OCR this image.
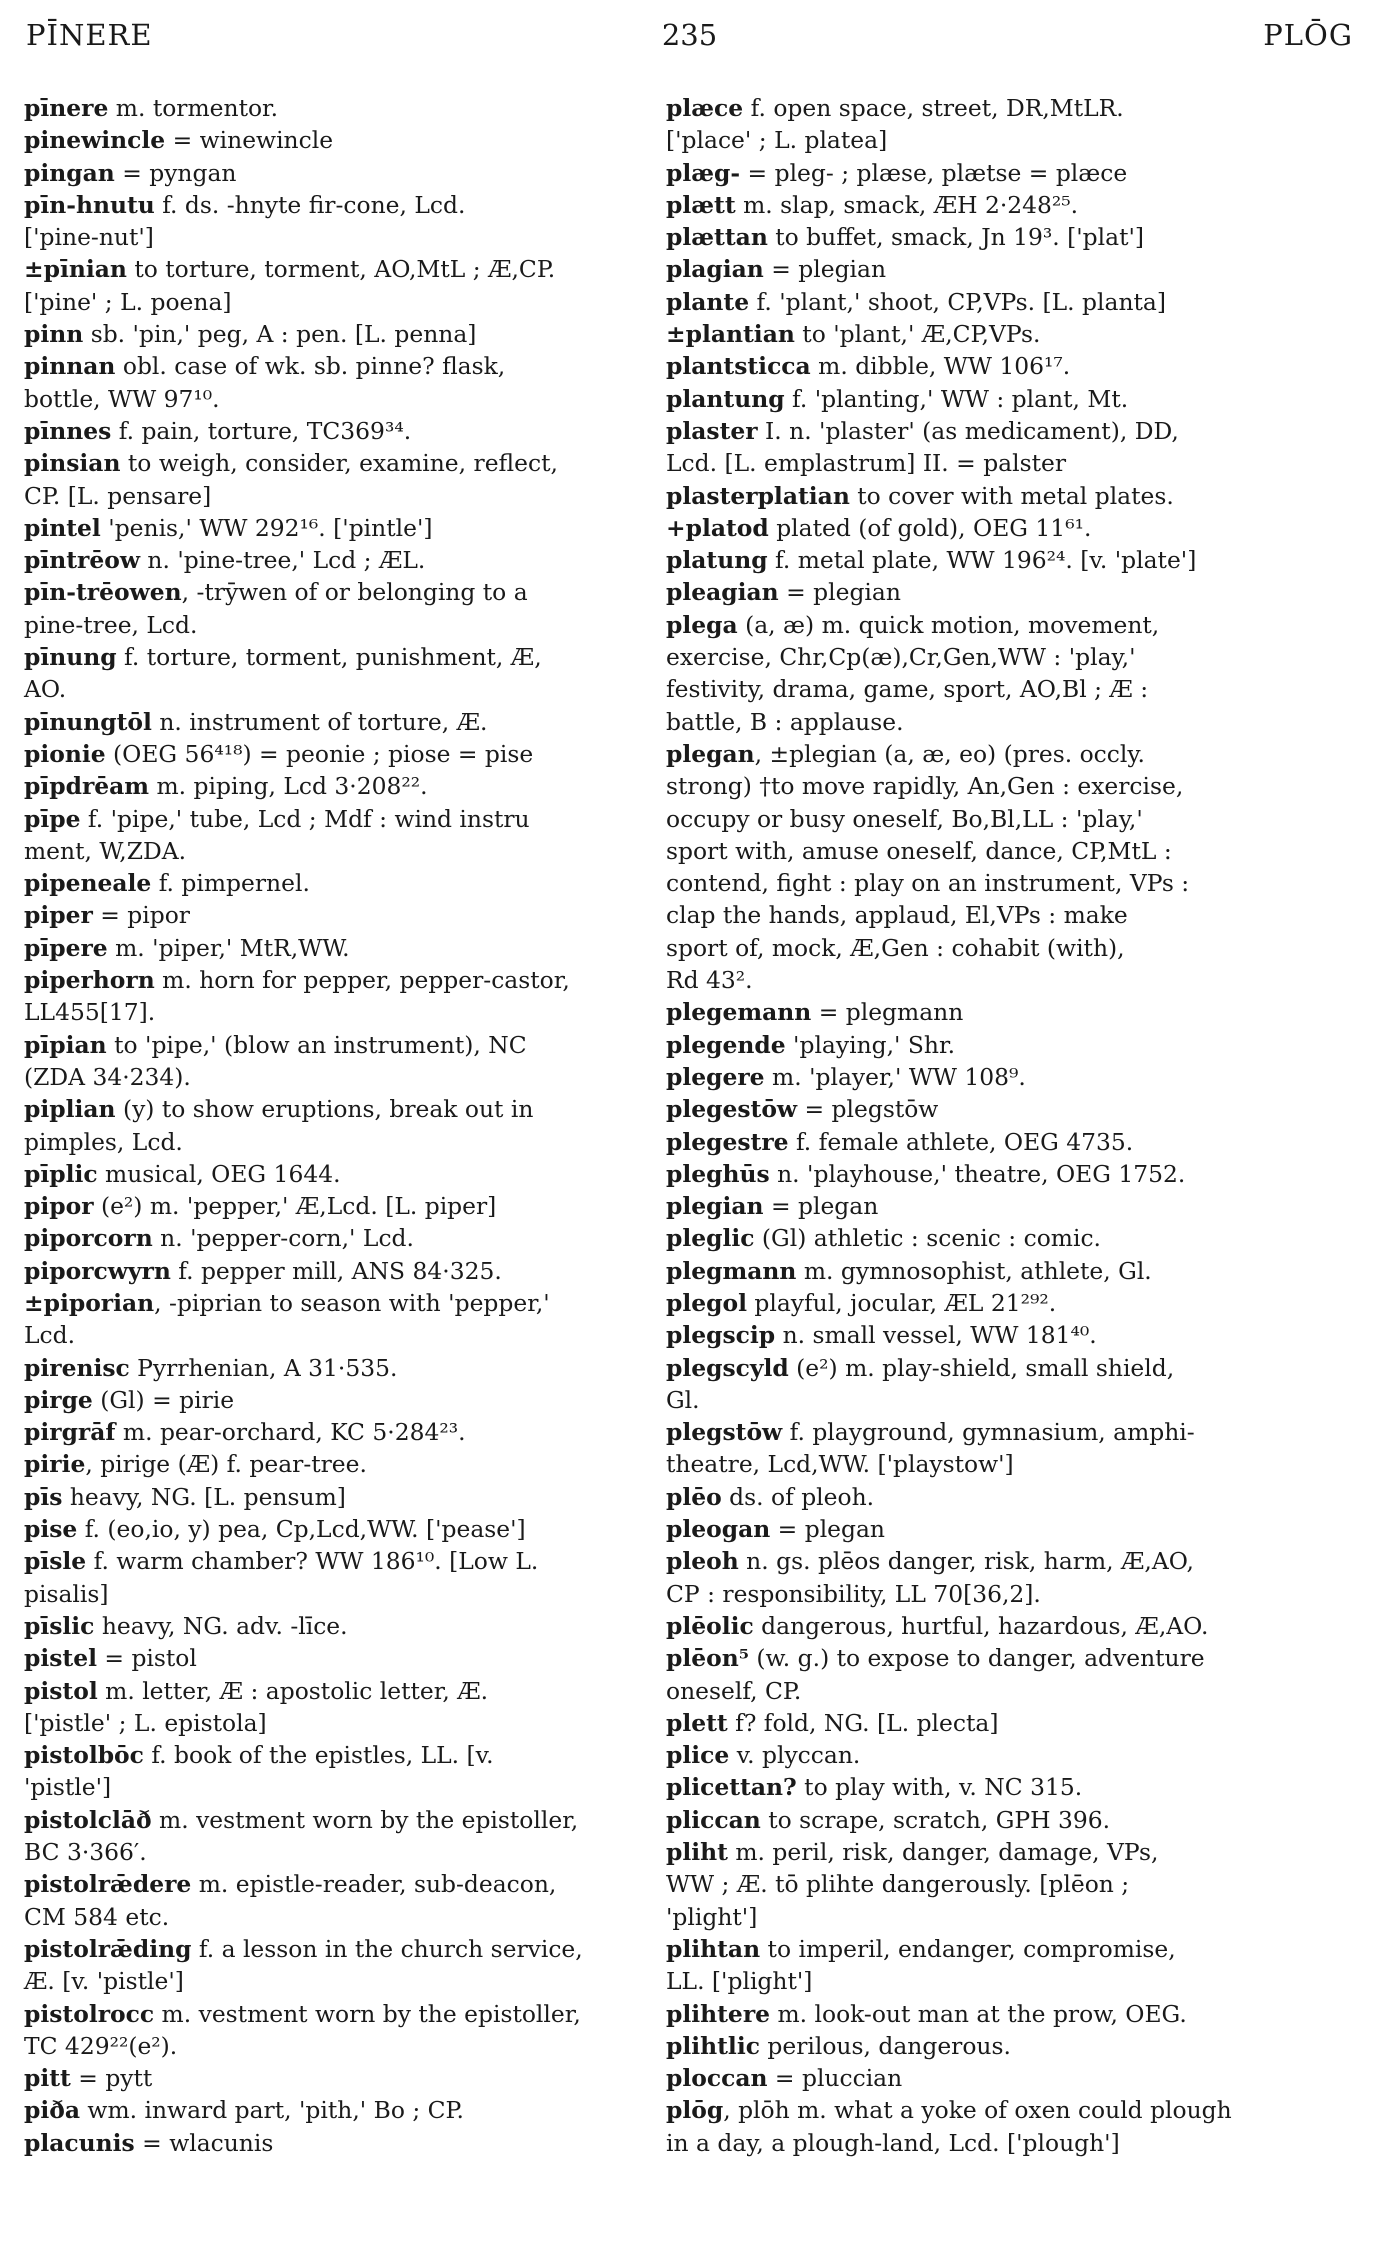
PĪNERE	235	PLŌG

pīnere m. tormentor.

pinewincle = winewincle

pingan = pyngan

pīn-hnutu f. ds. -hnyte fir-cone, Lcd.

['pine-nut']

±pīnian to torture, torment, AO,MtL ; Æ,CP.

['pine' ; L. poena]

pinn sb. 'pin,' peg, A : pen. [L. penna]

pinnan obl. case of wk. sb. pinne? flask,

bottle, WW 97¹⁰.

pīnnes f. pain, torture, TC369³⁴.

pinsian to weigh, consider, examine, reflect,

CP. [L. pensare]

pintel 'penis,' WW 292¹⁶. ['pintle']

pīntrēow n. 'pine-tree,' Lcd ; ÆL.

pīn-trēowen, -trȳwen of or belonging to a

pine-tree, Lcd.

pīnung f. torture, torment, punishment, Æ,

AO.

pīnungtōl n. instrument of torture, Æ.

pionie (OEG 56⁴¹⁸) = peonie ; piose = pise

pīpdrēam m. piping, Lcd 3·208²².

pīpe f. 'pipe,' tube, Lcd ; Mdf : wind instru

ment, W,ZDA.

pipeneale f. pimpernel.

piper = pipor

pīpere m. 'piper,' MtR,WW.

piperhorn m. horn for pepper, pepper-castor,

LL455[17].

pīpian to 'pipe,' (blow an instrument), NC

(ZDA 34·234).

piplian (y) to show eruptions, break out in

pimples, Lcd.

pīplic musical, OEG 1644.

pipor (e²) m. 'pepper,' Æ,Lcd. [L. piper]

piporcorn n. 'pepper-corn,' Lcd.

piporcwyrn f. pepper mill, ANS 84·325.

±piporian, -piprian to season with 'pepper,'

Lcd.

pirenisc Pyrrhenian, A 31·535.

pirge (Gl) = pirie

pirgrāf m. pear-orchard, KC 5·284²³.

pirie, pirige (Æ) f. pear-tree.

pīs heavy, NG. [L. pensum]

pise f. (eo,io, y) pea, Cp,Lcd,WW. ['pease']

pīsle f. warm chamber? WW 186¹⁰. [Low L.

pisalis]

pīslic heavy, NG. adv. -līce.

pistel = pistol

pistol m. letter, Æ : apostolic letter, Æ.

['pistle' ; L. epistola]

pistolbōc f. book of the epistles, LL. [v.

'pistle']

pistolclāð m. vestment worn by the epistoller,

BC 3·366′.

pistolrǣdere m. epistle-reader, sub-deacon,

CM 584 etc.

pistolrǣding f. a lesson in the church service,

Æ. [v. 'pistle']

pistolrocc m. vestment worn by the epistoller,

TC 429²²(e²).

pitt = pytt

piða wm. inward part, 'pith,' Bo ; CP.

placunis = wlacunis

plæce f. open space, street, DR,MtLR.

['place' ; L. platea]

plæg- = pleg- ; plæse, plætse = plæce

plætt m. slap, smack, ÆH 2·248²⁵.

plættan to buffet, smack, Jn 19³. ['plat']

plagian = plegian

plante f. 'plant,' shoot, CP,VPs. [L. planta]

±plantian to 'plant,' Æ,CP,VPs.

plantsticca m. dibble, WW 106¹⁷.

plantung f. 'planting,' WW : plant, Mt.

plaster I. n. 'plaster' (as medicament), DD,

Lcd. [L. emplastrum] II. = palster

plasterplatian to cover with metal plates.

+platod plated (of gold), OEG 11⁶¹.

platung f. metal plate, WW 196²⁴. [v. 'plate']

pleagian = plegian

plega (a, æ) m. quick motion, movement,

exercise, Chr,Cp(æ),Cr,Gen,WW : 'play,'

festivity, drama, game, sport, AO,Bl ; Æ :

battle, B : applause.

plegan, ±plegian (a, æ, eo) (pres. occly.

strong) †to move rapidly, An,Gen : exercise,

occupy or busy oneself, Bo,Bl,LL : 'play,'

sport with, amuse oneself, dance, CP,MtL :

contend, fight : play on an instrument, VPs :

clap the hands, applaud, El,VPs : make

sport of, mock, Æ,Gen : cohabit (with),

Rd 43².

plegemann = plegmann

plegende 'playing,' Shr.

plegere m. 'player,' WW 108⁹.

plegestōw = plegstōw

plegestre f. female athlete, OEG 4735.

pleghūs n. 'playhouse,' theatre, OEG 1752.

plegian = plegan

pleglic (Gl) athletic : scenic : comic.

plegmann m. gymnosophist, athlete, Gl.

plegol playful, jocular, ÆL 21²⁹².

plegscip n. small vessel, WW 181⁴⁰.

plegscyld (e²) m. play-shield, small shield,

Gl.

plegstōw f. playground, gymnasium, amphi-

theatre, Lcd,WW. ['playstow']

plēo ds. of pleoh.

pleogan = plegan

pleoh n. gs. plēos danger, risk, harm, Æ,AO,

CP : responsibility, LL 70[36,2].

plēolic dangerous, hurtful, hazardous, Æ,AO.

plēon⁵ (w. g.) to expose to danger, adventure

oneself, CP.

plett f? fold, NG. [L. plecta]

plice v. plyccan.

plicettan? to play with, v. NC 315.

pliccan to scrape, scratch, GPH 396.

pliht m. peril, risk, danger, damage, VPs,

WW ; Æ. tō plihte dangerously. [plēon ;

'plight']

plihtan to imperil, endanger, compromise,

LL. ['plight']

plihtere m. look-out man at the prow, OEG.

plihtlic perilous, dangerous.

ploccan = pluccian

plōg, plōh m. what a yoke of oxen could plough

in a day, a plough-land, Lcd. ['plough']
